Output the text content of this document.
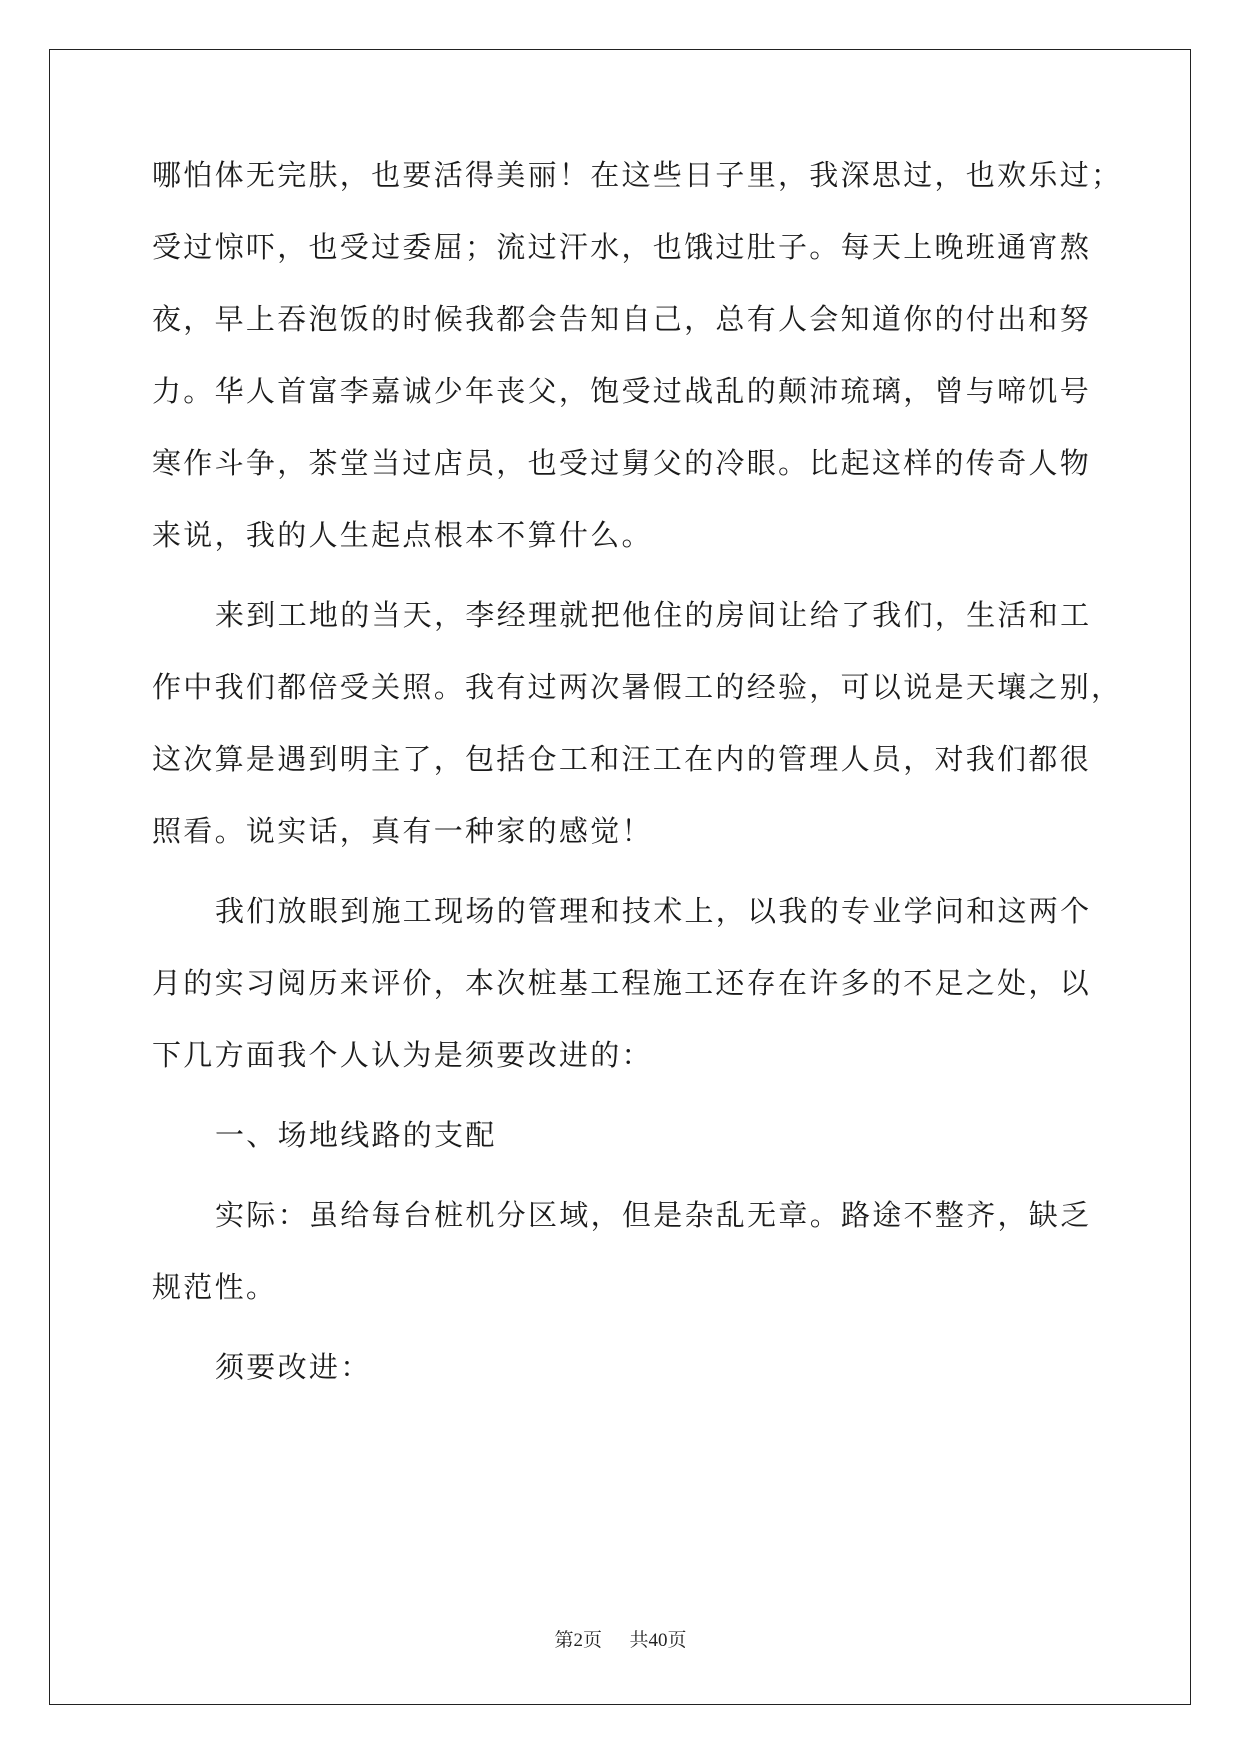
哪怕体无完肤，也要活得美丽！在这些日子里，我深思过，也欢乐过；
受过惊吓，也受过委屈；流过汗水，也饿过肚子。每天上晚班通宵熬
夜，早上吞泡饭的时候我都会告知自己，总有人会知道你的付出和努
力。华人首富李嘉诚少年丧父，饱受过战乱的颠沛琉璃，曾与啼饥号
寒作斗争，茶堂当过店员，也受过舅父的冷眼。比起这样的传奇人物
来说，我的人生起点根本不算什么。
来到工地的当天，李经理就把他住的房间让给了我们，生活和工
作中我们都倍受关照。我有过两次暑假工的经验，可以说是天壤之别，
这次算是遇到明主了，包括仓工和汪工在内的管理人员，对我们都很
照看。说实话，真有一种家的感觉！
我们放眼到施工现场的管理和技术上，以我的专业学问和这两个
月的实习阅历来评价，本次桩基工程施工还存在许多的不足之处，以
下几方面我个人认为是须要改进的：
一、场地线路的支配
实际：虽给每台桩机分区域，但是杂乱无章。路途不整齐，缺乏
规范性。
须要改进：
第2页 共40页
